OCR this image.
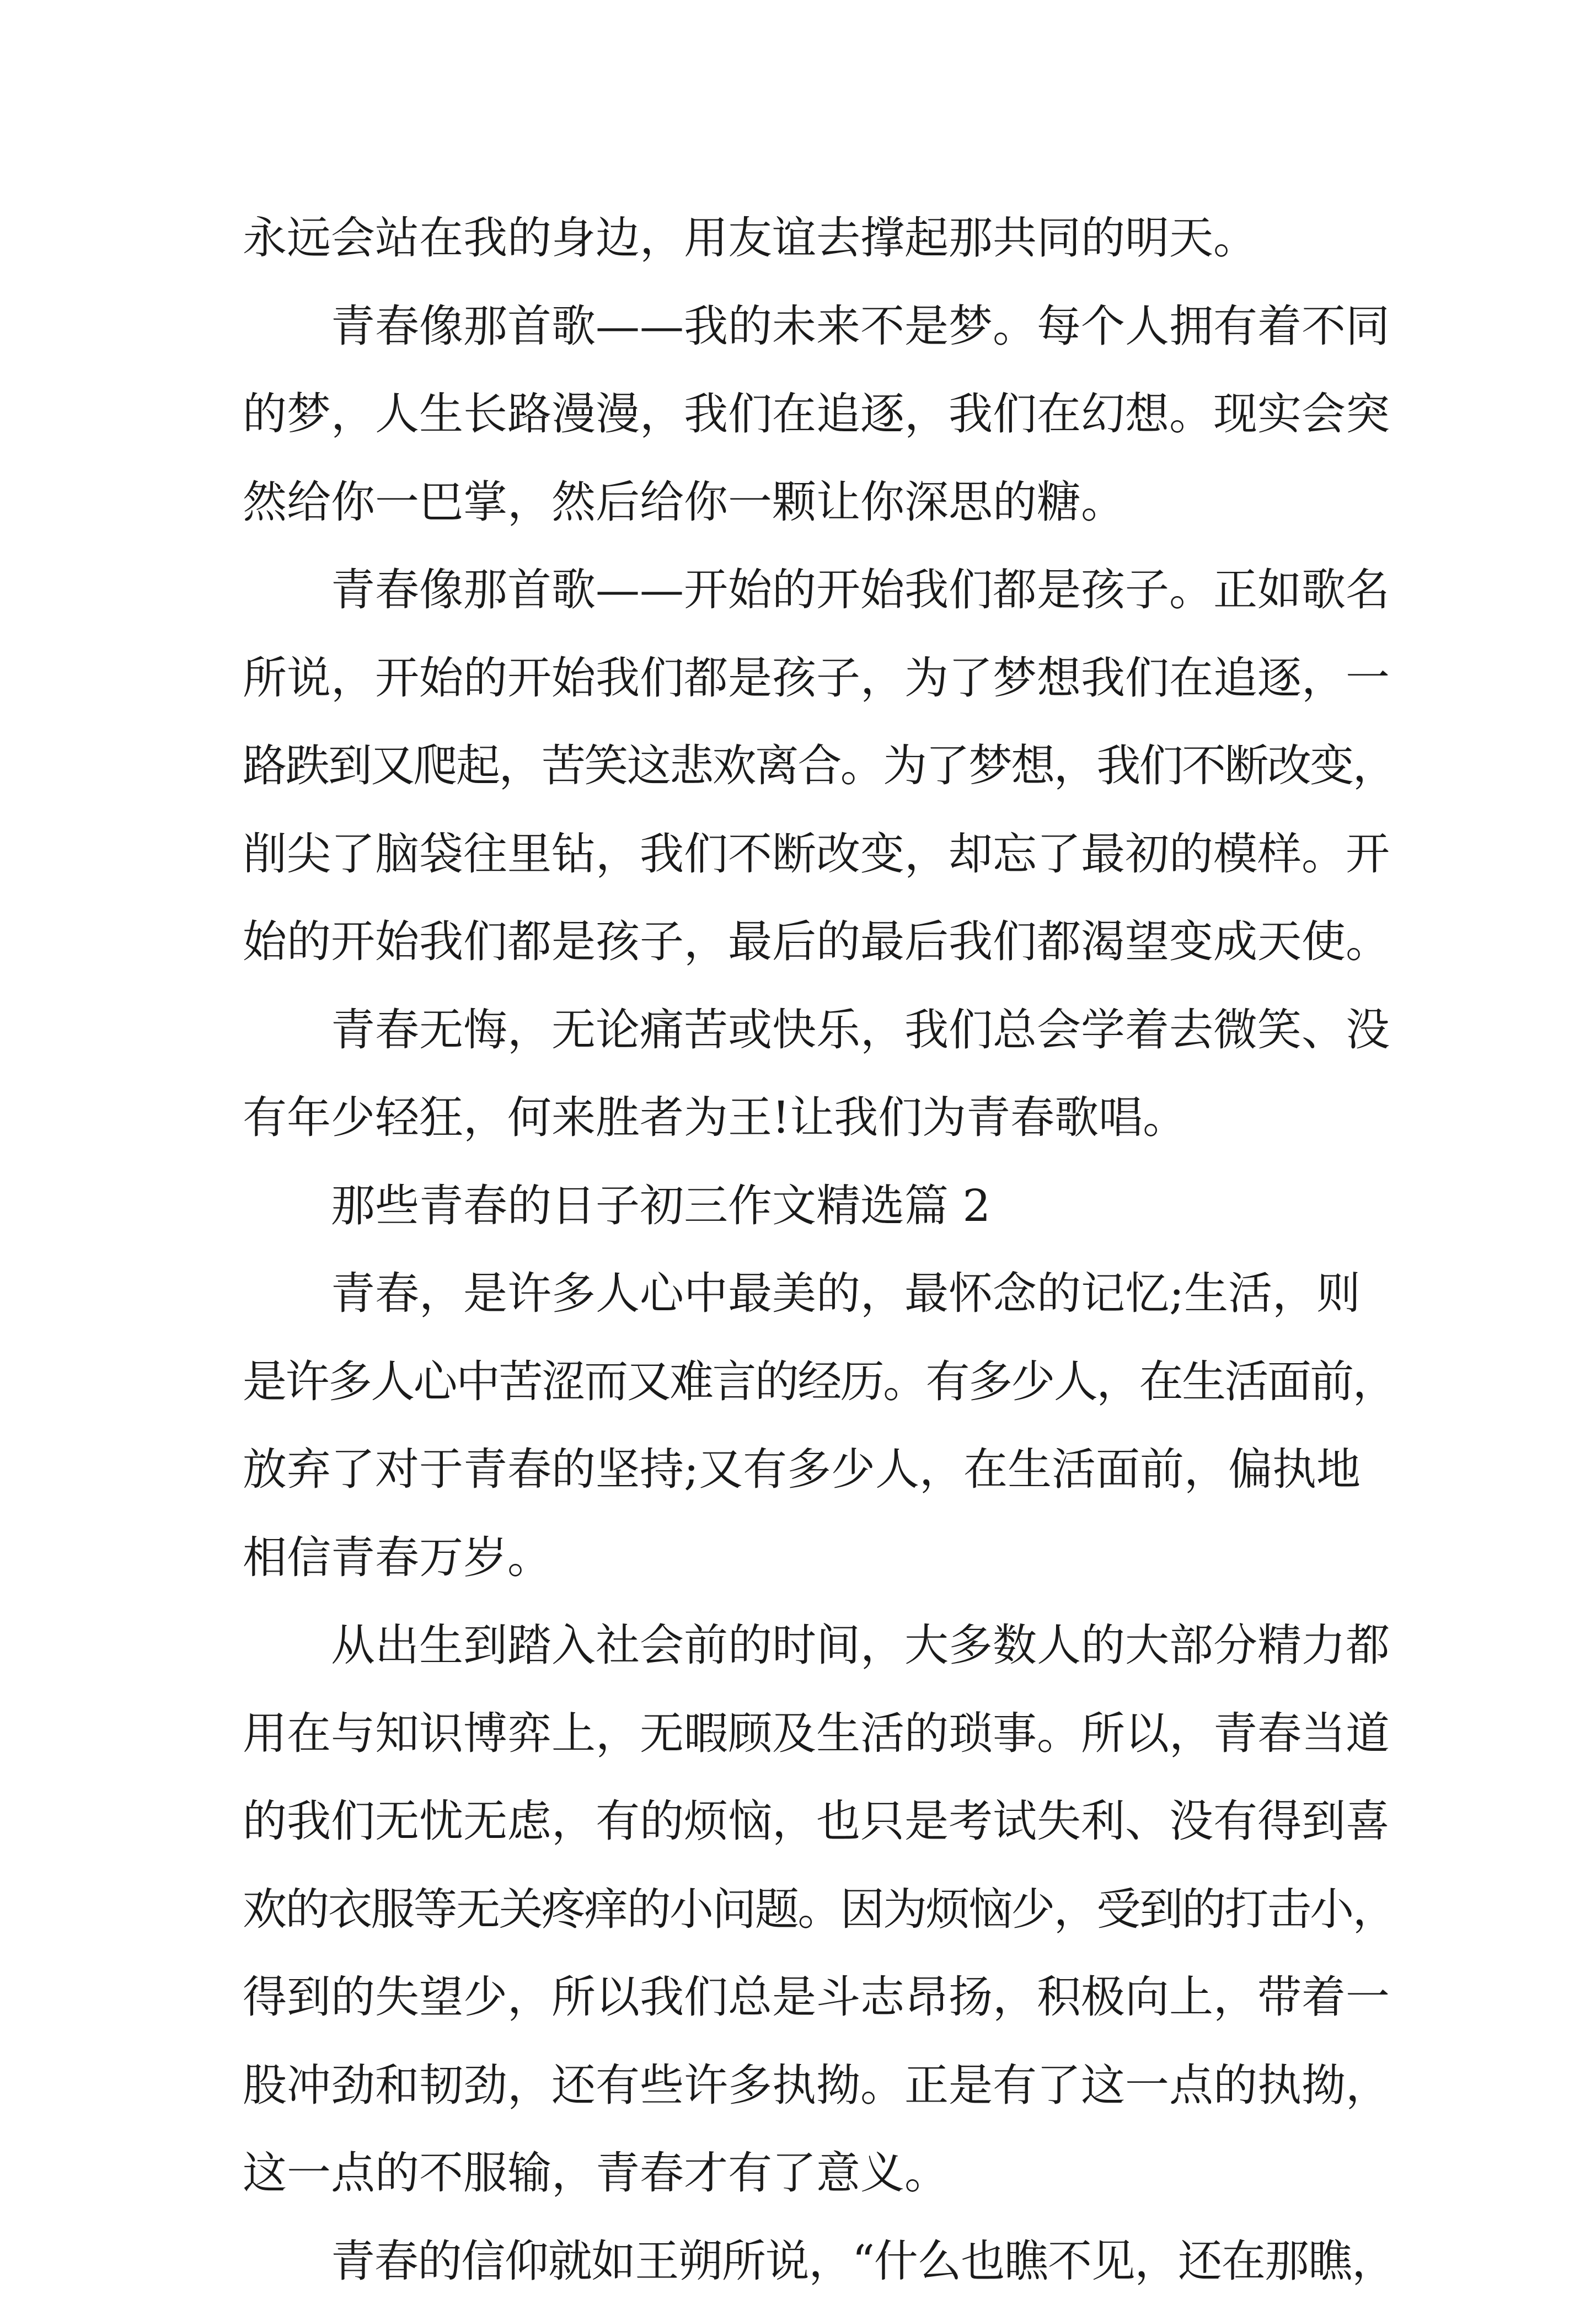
永远会站在我的身边，用友谊去撑起那共同的明天。
青春像那首歌——我的未来不是梦。每个人拥有着不同
的梦，人生长路漫漫，我们在追逐，我们在幻想。现实会突
然给你一巴掌，然后给你一颗让你深思的糖。
青春像那首歌——开始的开始我们都是孩子。正如歌名
所说，开始的开始我们都是孩子，为了梦想我们在追逐，一
路跌到又爬起，苦笑这悲欢离合。为了梦想，我们不断改变，
削尖了脑袋往里钻，我们不断改变，却忘了最初的模样。开
始的开始我们都是孩子，最后的最后我们都渴望变成天使。
青春无悔，无论痛苦或快乐，我们总会学着去微笑、没
有年少轻狂，何来胜者为王!让我们为青春歌唱。
那些青春的日子初三作文精选篇 2
青春，是许多人心中最美的，最怀念的记忆;生活，则
是许多人心中苦涩而又难言的经历。有多少人，在生活面前，
放弃了对于青春的坚持;又有多少人，在生活面前，偏执地
相信青春万岁。
从出生到踏入社会前的时间，大多数人的大部分精力都
用在与知识博弈上，无暇顾及生活的琐事。所以，青春当道
的我们无忧无虑，有的烦恼，也只是考试失利、没有得到喜
欢的衣服等无关疼痒的小问题。因为烦恼少，受到的打击小，
得到的失望少，所以我们总是斗志昂扬，积极向上，带着一
股冲劲和韧劲，还有些许多执拗。正是有了这一点的执拗，
这一点的不服输，青春才有了意义。
青春的信仰就如王朔所说，“什么也瞧不见，还在那瞧，
